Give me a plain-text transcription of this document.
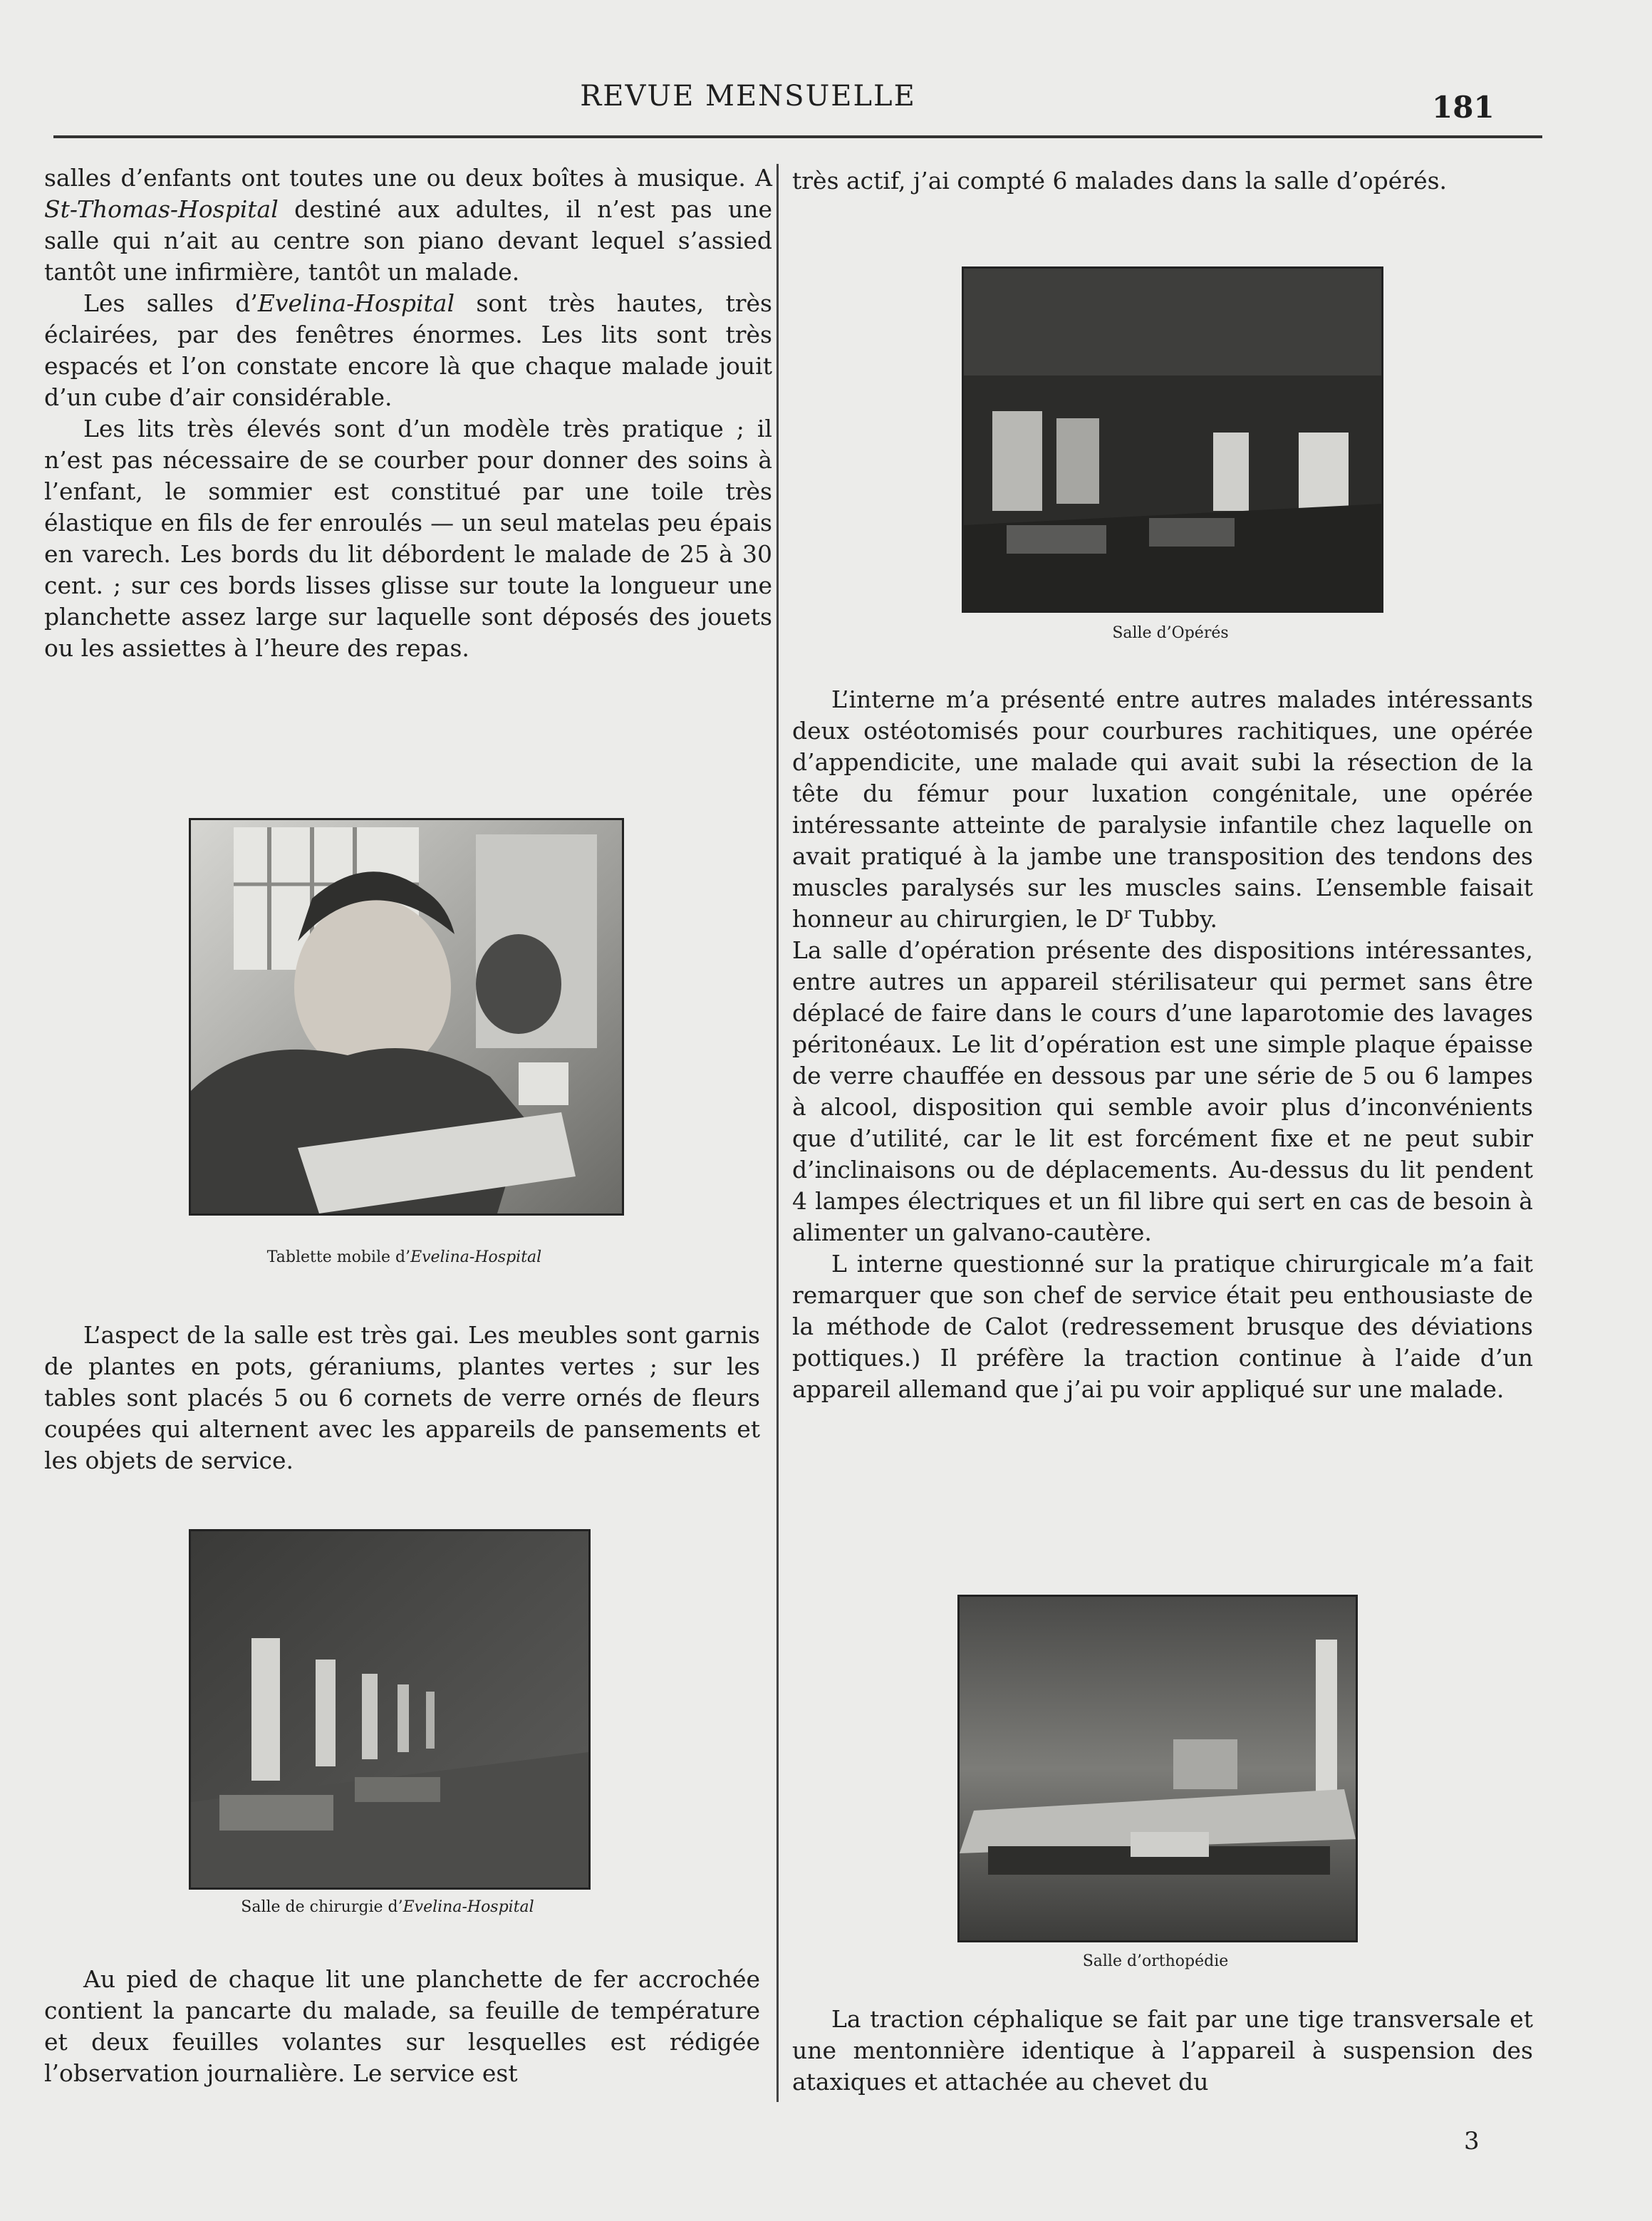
REVUE MENSUELLE	181

salles d’enfants ont toutes une ou deux boîtes à musique. A St-Thomas-Hospital destiné aux adultes, il n’est pas une salle qui n’ait au centre son piano devant lequel s’assied tantôt une infirmière, tantôt un malade.

Les salles d’Evelina-Hospital sont très hautes, très éclairées, par des fenêtres énormes. Les lits sont très espacés et l’on constate encore là que chaque malade jouit d’un cube d’air considérable.

Les lits très élevés sont d’un modèle très pratique ; il n’est pas nécessaire de se courber pour donner des soins à l’enfant, le sommier est constitué par une toile très élastique en fils de fer enroulés — un seul matelas peu épais en varech. Les bords du lit débordent le malade de 25 à 30 cent. ; sur ces bords lisses glisse sur toute la longueur une planchette assez large sur laquelle sont déposés des jouets ou les assiettes à l’heure des repas.

Tablette mobile d’Evelina-Hospital

L’aspect de la salle est très gai. Les meubles sont garnis de plantes en pots, géraniums, plantes vertes ; sur les tables sont placés 5 ou 6 cornets de verre ornés de fleurs coupées qui alternent avec les appareils de pansements et les objets de service.

Salle de chirurgie d’Evelina-Hospital

Au pied de chaque lit une planchette de fer accrochée contient la pancarte du malade, sa feuille de température et deux feuilles volantes sur lesquelles est rédigée l’observation journalière. Le service est

très actif, j’ai compté 6 malades dans la salle d’opérés.

Salle d’Opérés

L’interne m’a présenté entre autres malades intéressants deux ostéotomisés pour courbures rachitiques, une opérée d’appendicite, une malade qui avait subi la résection de la tête du fémur pour luxation congénitale, une opérée intéressante atteinte de paralysie infantile chez laquelle on avait pratiqué à la jambe une transposition des tendons des muscles paralysés sur les muscles sains. L’ensemble faisait honneur au chirurgien, le $D^r$ Tubby.

La salle d’opération présente des dispositions intéressantes, entre autres un appareil stérilisateur qui permet sans être déplacé de faire dans le cours d’une laparotomie des lavages péritonéaux. Le lit d’opération est une simple plaque épaisse de verre chauffée en dessous par une série de 5 ou 6 lampes à alcool, disposition qui semble avoir plus d’inconvénients que d’utilité, car le lit est forcément fixe et ne peut subir d’inclinaisons ou de déplacements. Au-dessus du lit pendent 4 lampes électriques et un fil libre qui sert en cas de besoin à alimenter un galvano-cautère.

L interne questionné sur la pratique chirurgicale m’a fait remarquer que son chef de service était peu enthousiaste de la méthode de Calot (redressement brusque des déviations pottiques.) Il préfère la traction continue à l’aide d’un appareil allemand que j’ai pu voir appliqué sur une malade.

Salle d’orthopédie

La traction céphalique se fait par une tige transversale et une mentonnière identique à l’appareil à suspension des ataxiques et attachée au chevet du

3
